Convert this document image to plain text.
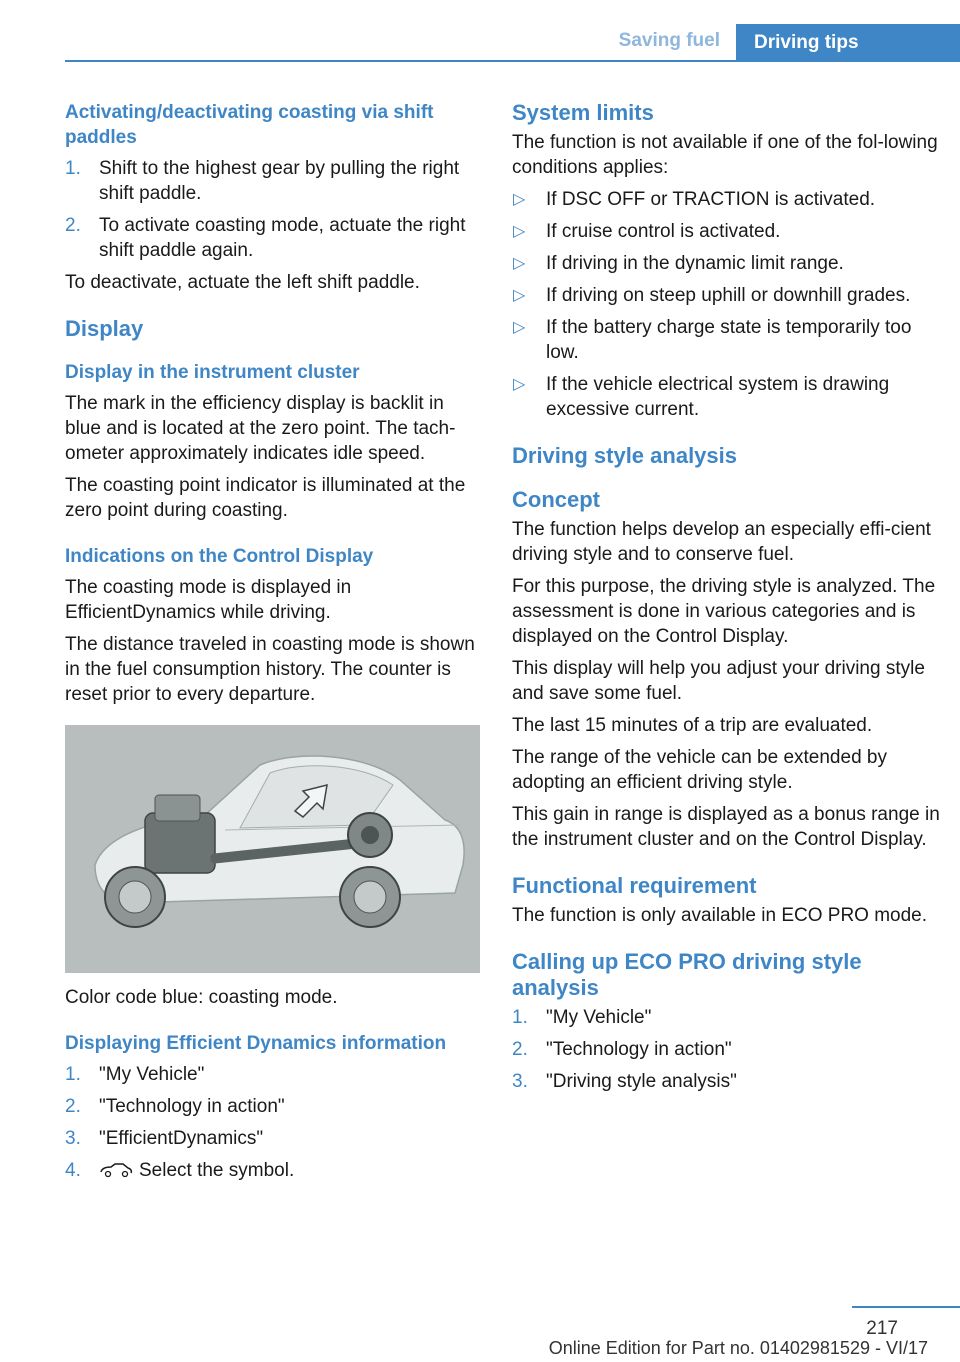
Saving fuel	Driving tips
Activating/deactivating coasting via shift paddles
1. Shift to the highest gear by pulling the right shift paddle.
2. To activate coasting mode, actuate the right shift paddle again.

To deactivate, actuate the left shift paddle.

Display
Display in the instrument cluster

The mark in the efficiency display is backlit in blue and is located at the zero point. The tach‐ometer approximately indicates idle speed.

The coasting point indicator is illuminated at the zero point during coasting.

Indications on the Control Display

The coasting mode is displayed in EfficientDynamics while driving.

The distance traveled in coasting mode is shown in the fuel consumption history. The counter is reset prior to every departure.

Color code blue: coasting mode.

Displaying Efficient Dynamics information
1. "My Vehicle"
2. "Technology in action"
3. "EfficientDynamics"
4.	Select the symbol.
System limits

The function is not available if one of the fol‐lowing conditions applies:

▷ If DSC OFF or TRACTION is activated.
▷ If cruise control is activated.
▷ If driving in the dynamic limit range.
▷ If driving on steep uphill or downhill grades.
▷ If the battery charge state is temporarily too low.
▷ If the vehicle electrical system is drawing excessive current.
Driving style analysis
Concept

The function helps develop an especially effi‐cient driving style and to conserve fuel.

For this purpose, the driving style is analyzed. The assessment is done in various categories and is displayed on the Control Display.

This display will help you adjust your driving style and save some fuel.

The last 15 minutes of a trip are evaluated.

The range of the vehicle can be extended by adopting an efficient driving style.

This gain in range is displayed as a bonus range in the instrument cluster and on the Control Display.

Functional requirement

The function is only available in ECO PRO mode.

Calling up ECO PRO driving style analysis
1. "My Vehicle"
2. "Technology in action"
3. "Driving style analysis"
217
Online Edition for Part no. 01402981529 - VI/17
